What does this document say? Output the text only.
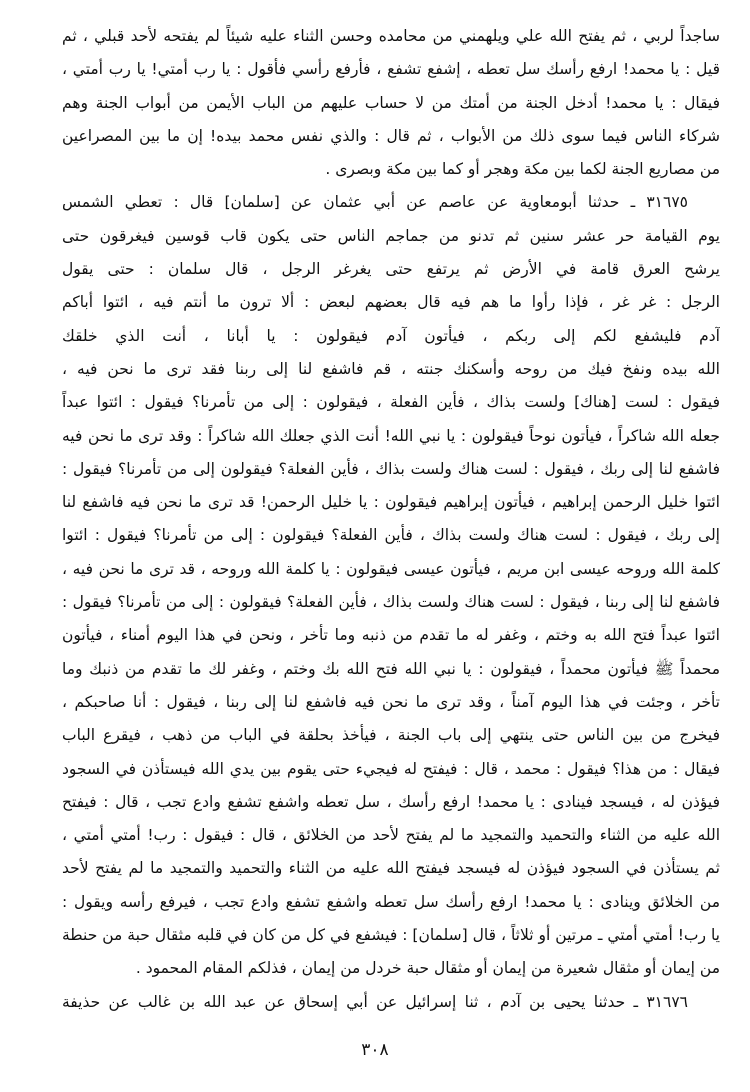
ساجداً لربي ، ثم يفتح الله علي ويلهمني من محامده وحسن الثناء عليه شيئاً لم يفتحه لأحد قبلي ، ثم
قيل : يا محمد! ارفع رأسك سل تعطه ، إشفع تشفع ، فأرفع رأسي فأقول : يا رب أمتي! يا رب أمتي ،
فيقال : يا محمد! أدخل الجنة من أمتك من لا حساب عليهم من الباب الأيمن من أبواب الجنة وهم
شركاء الناس فيما سوى ذلك من الأبواب ، ثم قال : والذي نفس محمد بيده! إن ما بين المصراعين
من مصاريع الجنة لكما بين مكة وهجر أو كما بين مكة وبصرى .
٣١٦٧٥ ـ حدثنا أبومعاوية عن عاصم عن أبي عثمان عن [سلمان] قال : تعطي الشمس
يوم القيامة حر عشر سنين ثم تدنو من جماجم الناس حتى يكون قاب قوسين فيغرقون حتى
يرشح العرق قامة في الأرض ثم يرتفع حتى يغرغر الرجل ، قال سلمان : حتى يقول
الرجل : غر غر ، فإذا رأوا ما هم فيه قال بعضهم لبعض : ألا ترون ما أنتم فيه ، ائتوا أباكم
آدم فليشفع لكم إلى ربكم ، فيأتون آدم فيقولون : يا أبانا ، أنت الذي خلقك
الله بيده ونفخ فيك من روحه وأسكنك جنته ، قم فاشفع لنا إلى ربنا فقد ترى ما نحن فيه ،
فيقول : لست [هناك] ولست بذاك ، فأين الفعلة ، فيقولون : إلى من تأمرنا؟ فيقول : ائتوا عبداً
جعله الله شاكراً ، فيأتون نوحاً فيقولون : يا نبي الله! أنت الذي جعلك الله شاكراً : وقد ترى ما نحن فيه
فاشفع لنا إلى ربك ، فيقول : لست هناك ولست بذاك ، فأين الفعلة؟ فيقولون إلى من تأمرنا؟ فيقول :
ائتوا خليل الرحمن إبراهيم ، فيأتون إبراهيم فيقولون : يا خليل الرحمن! قد ترى ما نحن فيه فاشفع لنا
إلى ربك ، فيقول : لست هناك ولست بذاك ، فأين الفعلة؟ فيقولون : إلى من تأمرنا؟ فيقول : ائتوا
كلمة الله وروحه عيسى ابن مريم ، فيأتون عيسى فيقولون : يا كلمة الله وروحه ، قد ترى ما نحن فيه ،
فاشفع لنا إلى ربنا ، فيقول : لست هناك ولست بذاك ، فأين الفعلة؟ فيقولون : إلى من تأمرنا؟ فيقول :
ائتوا عبداً فتح الله به وختم ، وغفر له ما تقدم من ذنبه وما تأخر ، ونحن في هذا اليوم أمناء ، فيأتون
محمداً ﷺ فيأتون محمداً ، فيقولون : يا نبي الله فتح الله بك وختم ، وغفر لك ما تقدم من ذنبك وما
تأخر ، وجئت في هذا اليوم آمناً ، وقد ترى ما نحن فيه فاشفع لنا إلى ربنا ، فيقول : أنا صاحبكم ،
فيخرج من بين الناس حتى ينتهي إلى باب الجنة ، فيأخذ بحلقة في الباب من ذهب ، فيقرع الباب
فيقال : من هذا؟ فيقول : محمد ، قال : فيفتح له فيجيء حتى يقوم بين يدي الله فيستأذن في السجود
فيؤذن له ، فيسجد فينادى : يا محمد! ارفع رأسك ، سل تعطه واشفع تشفع وادع تجب ، قال : فيفتح
الله عليه من الثناء والتحميد والتمجيد ما لم يفتح لأحد من الخلائق ، قال : فيقول : رب! أمتي أمتي ،
ثم يستأذن في السجود فيؤذن له فيسجد فيفتح الله عليه من الثناء والتحميد والتمجيد ما لم يفتح لأحد
من الخلائق وينادى : يا محمد! ارفع رأسك سل تعطه واشفع تشفع وادع تجب ، فيرفع رأسه ويقول :
يا رب! أمتي أمتي ـ مرتين أو ثلاثاً ، قال [سلمان] : فيشفع في كل من كان في قلبه مثقال حبة من حنطة
من إيمان أو مثقال شعيرة من إيمان أو مثقال حبة خردل من إيمان ، فذلكم المقام المحمود .
٣١٦٧٦ ـ حدثنا يحيى بن آدم ، ثنا إسرائيل عن أبي إسحاق عن عبد الله بن غالب عن حذيفة
٣٠٨
